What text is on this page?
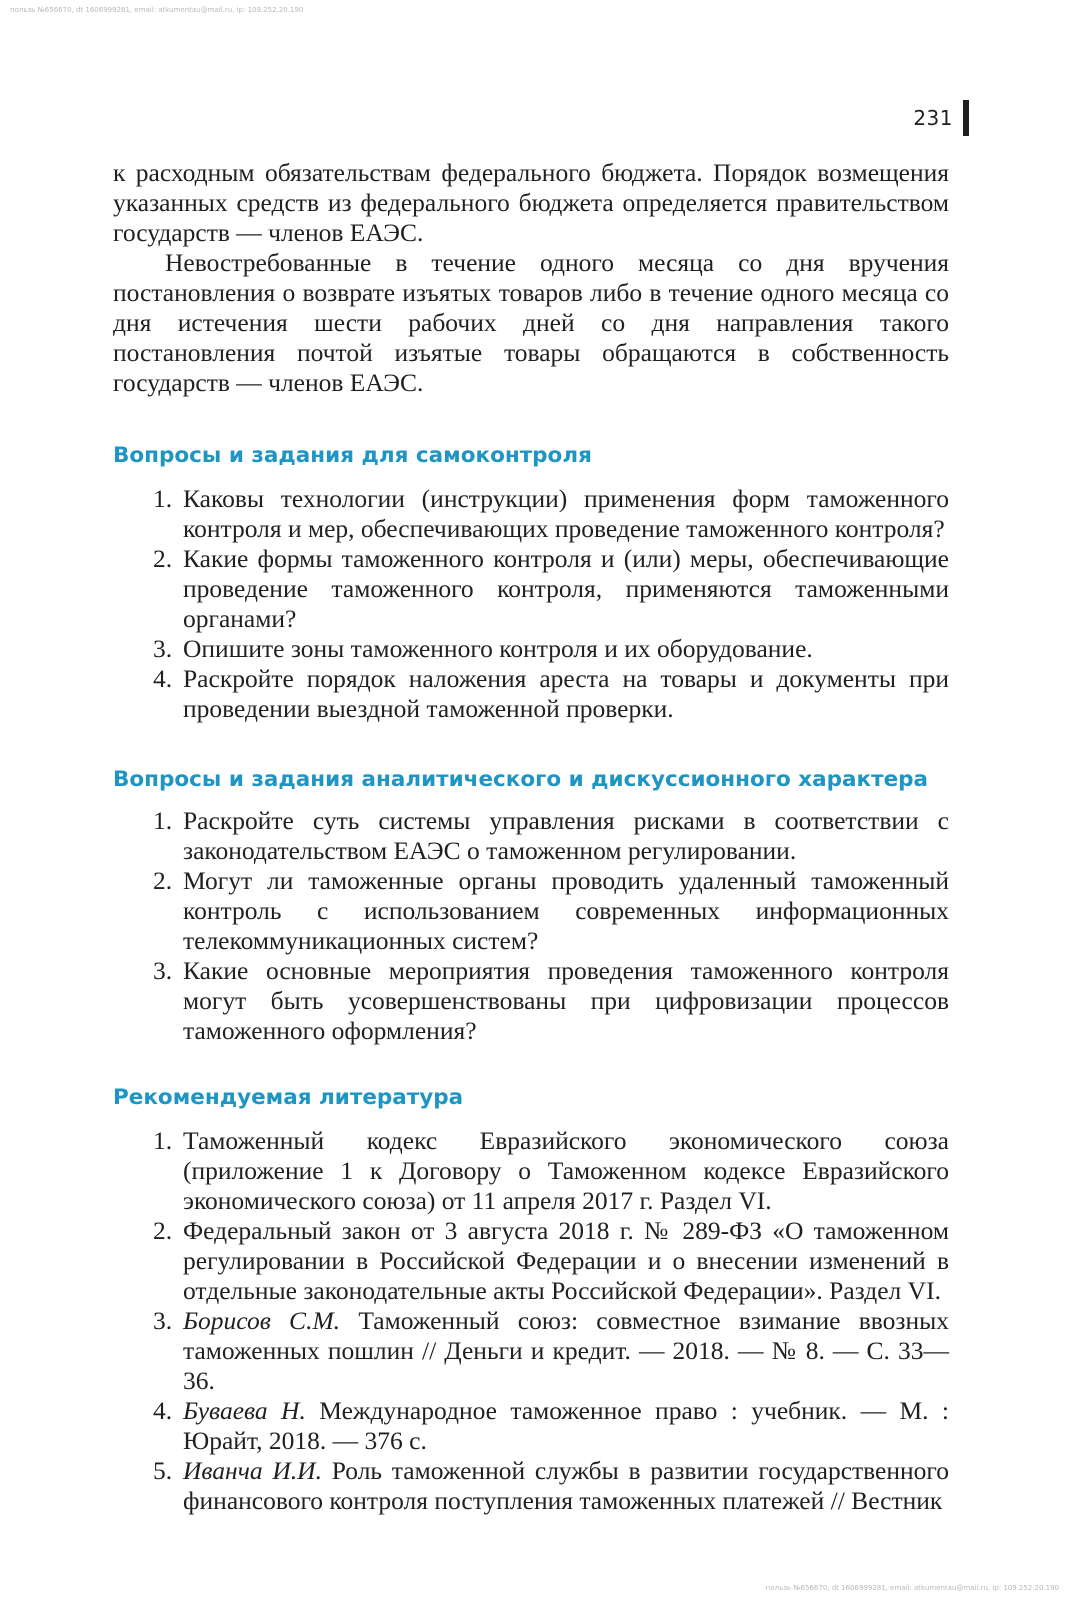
пользь №656670, dt 1606999281, email: atkumentau@mail.ru, ip: 109.252.20.190
231

к расходным обязательствам федерального бюджета. Порядок возмещения указанных средств из федерального бюджета определяется правительством государств — членов ЕАЭС.

Невостребованные в течение одного месяца со дня вручения постановления о возврате изъятых товаров либо в течение одного месяца со дня истечения шести рабочих дней со дня направления такого постановления почтой изъятые товары обращаются в собственность государств — членов ЕАЭС.

Вопросы и задания для самоконтроля
1. Каковы технологии (инструкции) применения форм таможенного контроля и мер, обеспечивающих проведение таможенного контроля?
2. Какие формы таможенного контроля и (или) меры, обеспечивающие проведение таможенного контроля, применяются таможенными органами?
3. Опишите зоны таможенного контроля и их оборудование.
4. Раскройте порядок наложения ареста на товары и документы при проведении выездной таможенной проверки.
Вопросы и задания аналитического и дискуссионного характера
1. Раскройте суть системы управления рисками в соответствии с законодательством ЕАЭС о таможенном регулировании.
2. Могут ли таможенные органы проводить удаленный таможенный контроль с использованием современных информационных телекоммуникационных систем?
3. Какие основные мероприятия проведения таможенного контроля могут быть усовершенствованы при цифровизации процессов таможенного оформления?
Рекомендуемая литература
1. Таможенный кодекс Евразийского экономического союза (приложение 1 к Договору о Таможенном кодексе Евразийского экономического союза) от 11 апреля 2017 г. Раздел VI.
2. Федеральный закон от 3 августа 2018 г. № 289-ФЗ «О таможенном регулировании в Российской Федерации и о внесении изменений в отдельные законодательные акты Российской Федерации». Раздел VI.
3. Борисов С.М. Таможенный союз: совместное взимание ввозных таможенных пошлин // Деньги и кредит. — 2018. — № 8. — С. 33—36.
4. Буваева Н. Международное таможенное право : учебник. — М. : Юрайт, 2018. — 376 с.
5. Иванча И.И. Роль таможенной службы в развитии государственного финансового контроля поступления таможенных платежей // Вестник
пользь №656670, dt 1606999281, email: atkumentau@mail.ru, ip: 109.252.20.190
